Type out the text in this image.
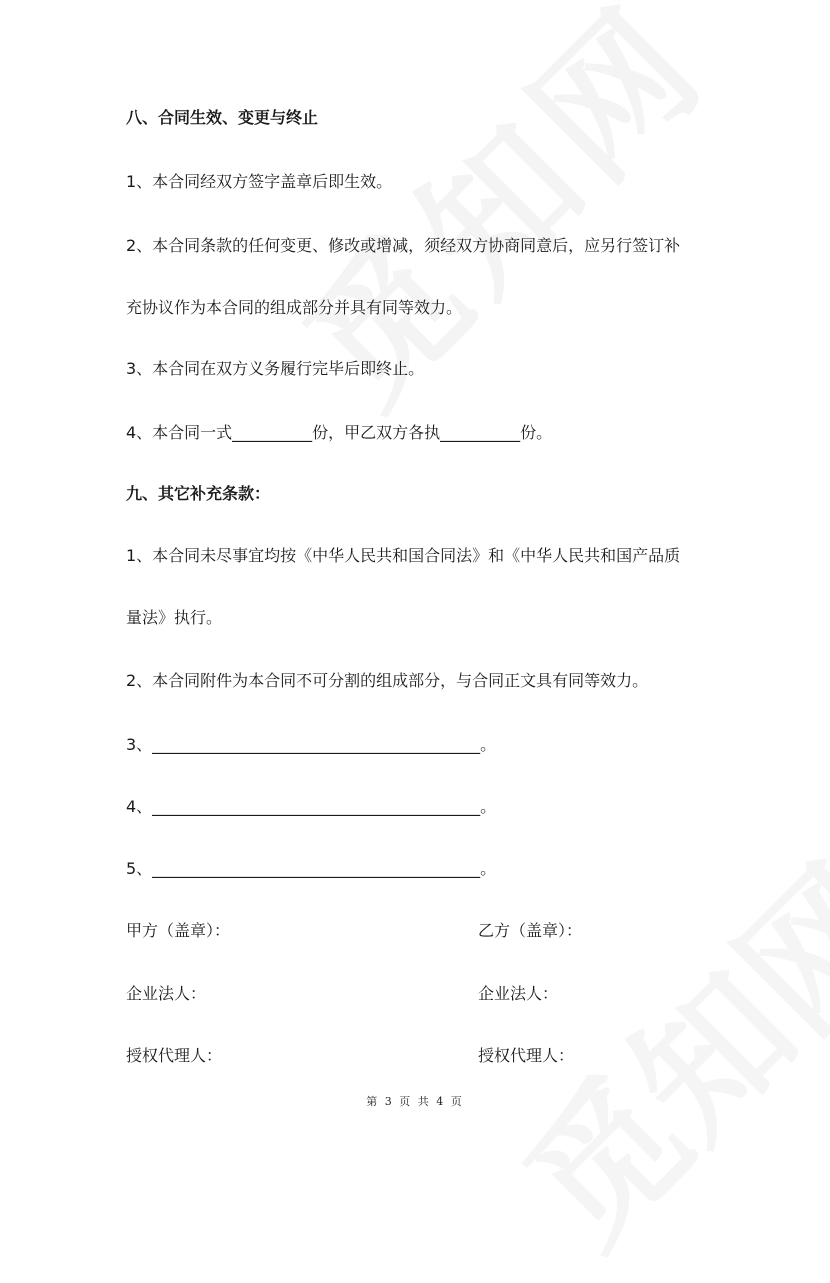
八、合同生效、变更与终止
1、本合同经双方签字盖章后即生效。
2、本合同条款的任何变更、修改或增减，须经双方协商同意后，应另行签订补
充协议作为本合同的组成部分并具有同等效力。
3、本合同在双方义务履行完毕后即终止。
4、本合同一式__________份，甲乙双方各执__________份。
九、其它补充条款：
1、本合同未尽事宜均按《中华人民共和国合同法》和《中华人民共和国产品质
量法》执行。
2、本合同附件为本合同不可分割的组成部分，与合同正文具有同等效力。
3、_________________________________________。
4、_________________________________________。
5、_________________________________________。
甲方（盖章）：	乙方（盖章）：
企业法人：	企业法人：
授权代理人：	授权代理人：
第 3 页 共 4 页
